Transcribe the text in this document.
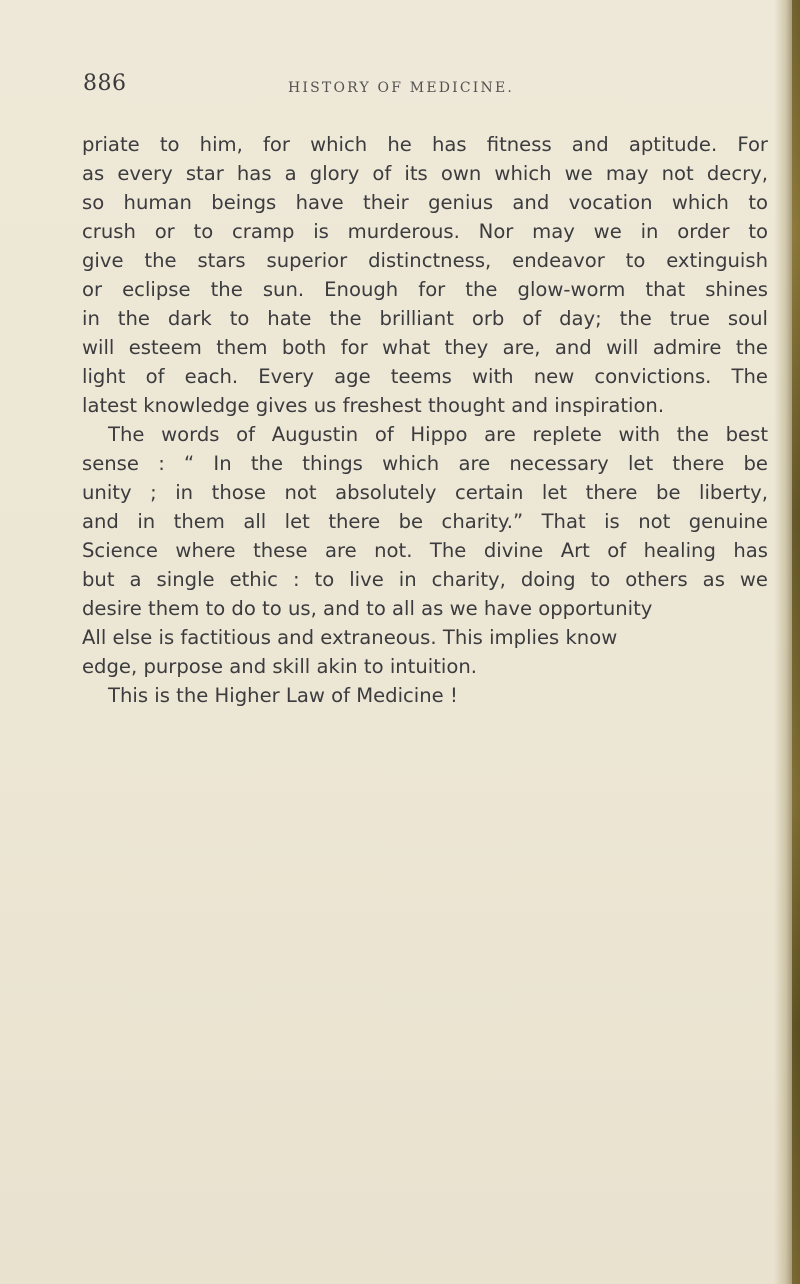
886	HISTORY OF MEDICINE.
priate to him, for which he has fitness and aptitude. For
as every star has a glory of its own which we may not decry,
so human beings have their genius and vocation which to
crush or to cramp is murderous. Nor may we in order to
give the stars superior distinctness, endeavor to extinguish
or eclipse the sun. Enough for the glow-worm that shines
in the dark to hate the brilliant orb of day; the true soul
will esteem them both for what they are, and will admire the
light of each. Every age teems with new convictions. The
latest knowledge gives us freshest thought and inspiration.
The words of Augustin of Hippo are replete with the best
sense : “ In the things which are necessary let there be
unity ; in those not absolutely certain let there be liberty,
and in them all let there be charity.” That is not genuine
Science where these are not. The divine Art of healing has
but a single ethic : to live in charity, doing to others as we
desire them to do to us, and to all as we have opportunity
All else is factitious and extraneous. This implies know
edge, purpose and skill akin to intuition.
This is the Higher Law of Medicine !
